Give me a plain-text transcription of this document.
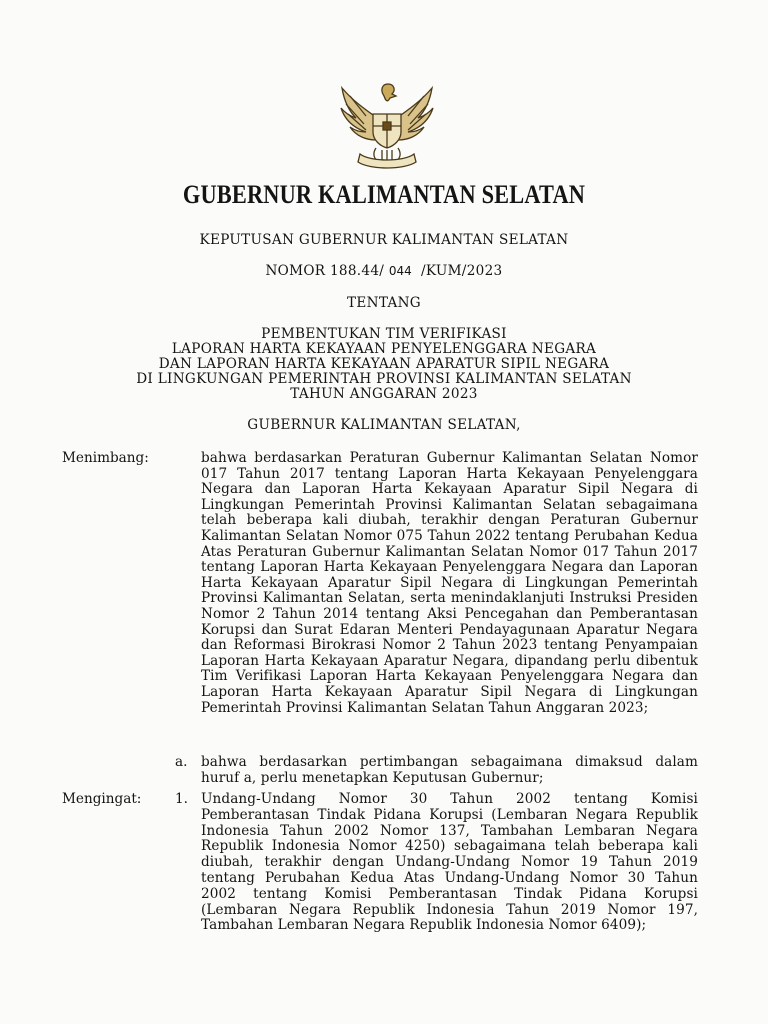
GUBERNUR KALIMANTAN SELATAN
KEPUTUSAN GUBERNUR KALIMANTAN SELATAN
NOMOR 188.44/ 044 /KUM/2023
TENTANG
PEMBENTUKAN TIM VERIFIKASI
LAPORAN HARTA KEKAYAAN PENYELENGGARA NEGARA
DAN LAPORAN HARTA KEKAYAAN APARATUR SIPIL NEGARA
DI LINGKUNGAN PEMERINTAH PROVINSI KALIMANTAN SELATAN
TAHUN ANGGARAN 2023
GUBERNUR KALIMANTAN SELATAN,
Menimbang:	bahwa berdasarkan Peraturan Gubernur Kalimantan Selatan Nomor 017 Tahun 2017 tentang Laporan Harta Kekayaan Penyelenggara Negara dan Laporan Harta Kekayaan Aparatur Sipil Negara di Lingkungan Pemerintah Provinsi Kalimantan Selatan sebagaimana telah beberapa kali diubah, terakhir dengan Peraturan Gubernur Kalimantan Selatan Nomor 075 Tahun 2022 tentang Perubahan Kedua Atas Peraturan Gubernur Kalimantan Selatan Nomor 017 Tahun 2017 tentang Laporan Harta Kekayaan Penyelenggara Negara dan Laporan Harta Kekayaan Aparatur Sipil Negara di Lingkungan Pemerintah Provinsi Kalimantan Selatan, serta menindaklanjuti Instruksi Presiden Nomor 2 Tahun 2014 tentang Aksi Pencegahan dan Pemberantasan Korupsi dan Surat Edaran Menteri Pendayagunaan Aparatur Negara dan Reformasi Birokrasi Nomor 2 Tahun 2023 tentang Penyampaian Laporan Harta Kekayaan Aparatur Negara, dipandang perlu dibentuk Tim Verifikasi Laporan Harta Kekayaan Penyelenggara Negara dan Laporan Harta Kekayaan Aparatur Sipil Negara di Lingkungan Pemerintah Provinsi Kalimantan Selatan Tahun Anggaran 2023;
a. bahwa berdasarkan pertimbangan sebagaimana dimaksud dalam huruf a, perlu menetapkan Keputusan Gubernur;
Mengingat: 1. Undang-Undang Nomor 30 Tahun 2002 tentang Komisi Pemberantasan Tindak Pidana Korupsi (Lembaran Negara Republik Indonesia Tahun 2002 Nomor 137, Tambahan Lembaran Negara Republik Indonesia Nomor 4250) sebagaimana telah beberapa kali diubah, terakhir dengan Undang-Undang Nomor 19 Tahun 2019 tentang Perubahan Kedua Atas Undang-Undang Nomor 30 Tahun 2002 tentang Komisi Pemberantasan Tindak Pidana Korupsi (Lembaran Negara Republik Indonesia Tahun 2019 Nomor 197, Tambahan Lembaran Negara Republik Indonesia Nomor 6409);
